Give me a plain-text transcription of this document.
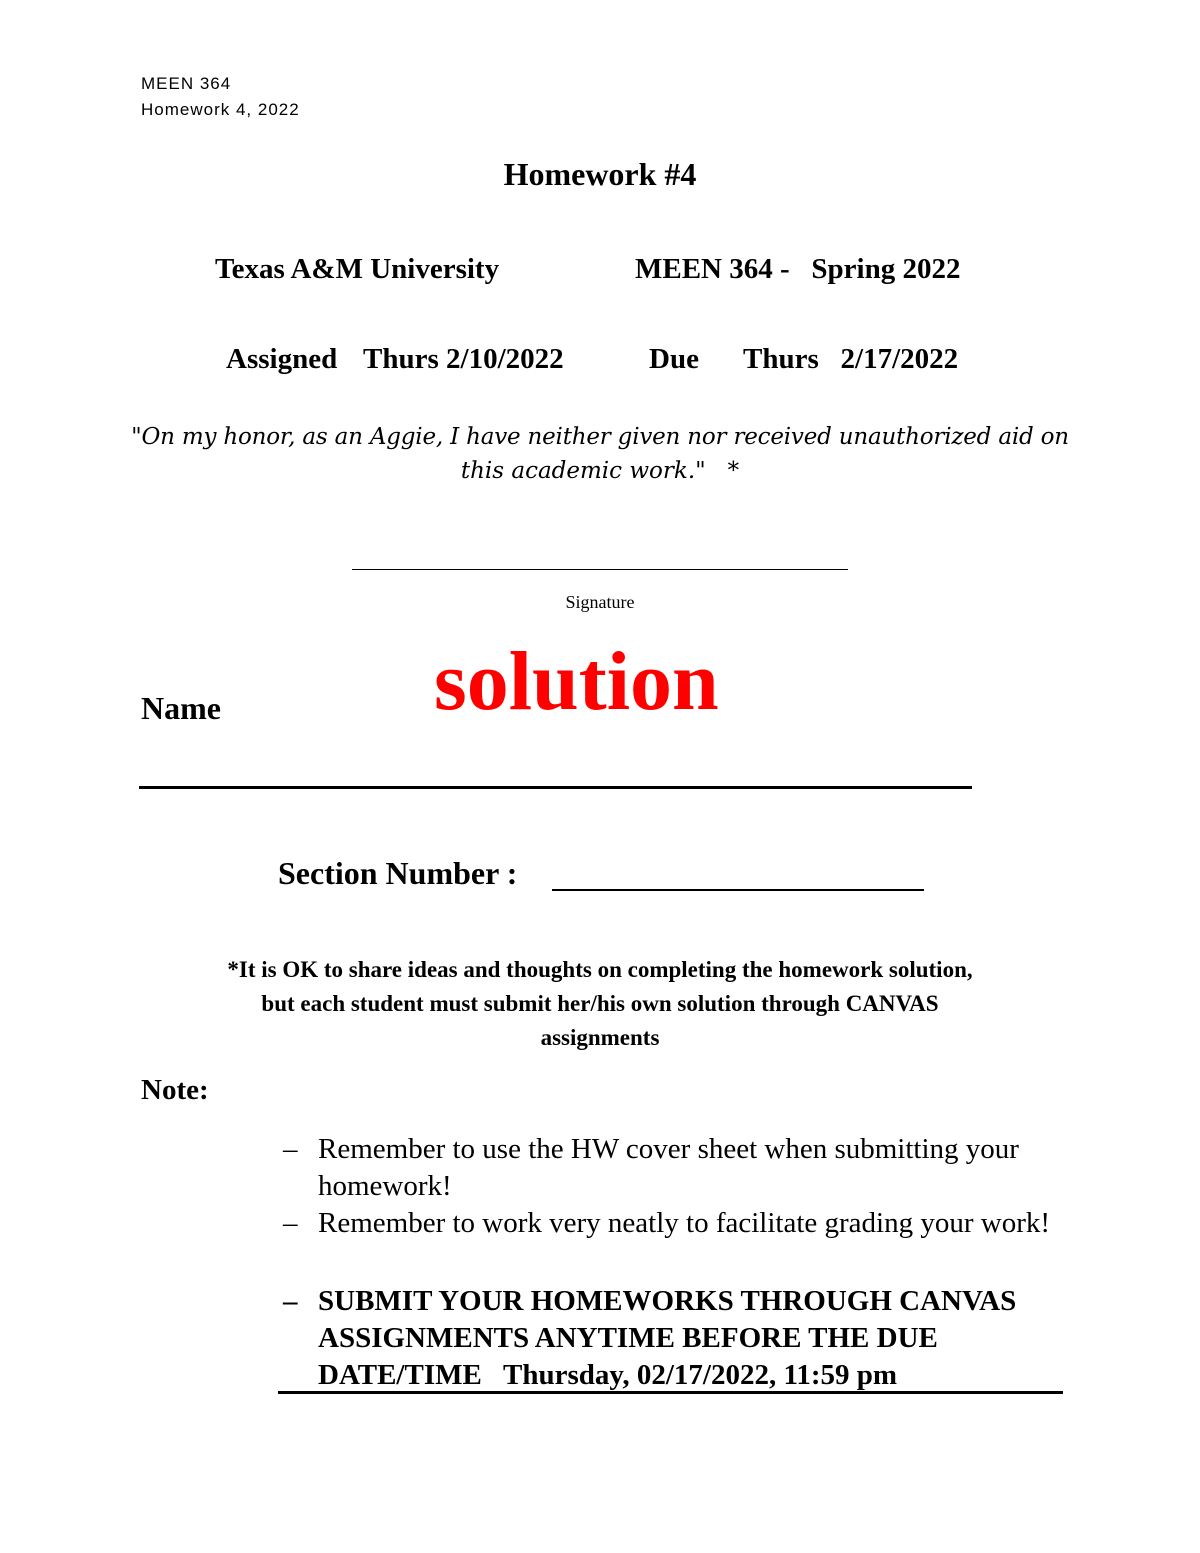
MEEN 364
Homework 4, 2022
Homework #4
Texas A&M University	MEEN 364 -   Spring 2022
Assigned Thurs 2/10/2022	Due Thurs   2/17/2022
"On my honor, as an Aggie, I have neither given nor received unauthorized aid on
this academic work."   *
Signature
Name	solution
Section Number :
*It is OK to share ideas and thoughts on completing the homework solution,
but each student must submit her/his own solution through CANVAS
assignments
Note:
– Remember to use the HW cover sheet when submitting your homework!
– Remember to work very neatly to facilitate grading your work!
– SUBMIT YOUR HOMEWORKS THROUGH CANVAS ASSIGNMENTS ANYTIME BEFORE THE DUE DATE/TIME   Thursday, 02/17/2022, 11:59 pm
